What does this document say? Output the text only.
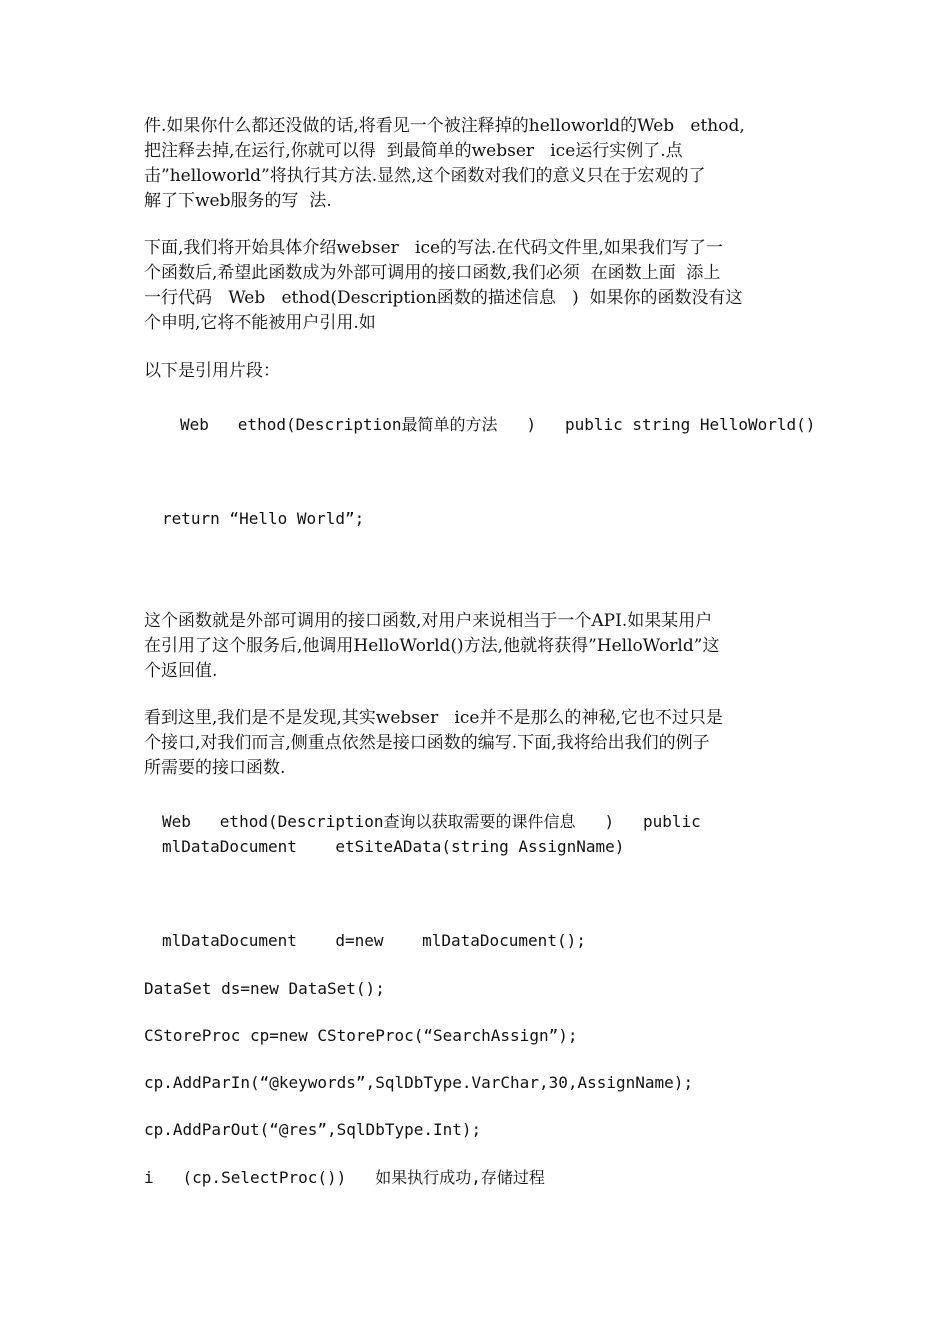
件.如果你什么都还没做的话,将看见一个被注释掉的helloworld的Web   ethod,
把注释去掉,在运行,你就可以得  到最简单的webser   ice运行实例了.点
击”helloworld”将执行其方法.显然,这个函数对我们的意义只在于宏观的了
解了下web服务的写  法.
下面,我们将开始具体介绍webser   ice的写法.在代码文件里,如果我们写了一
个函数后,希望此函数成为外部可调用的接口函数,我们必须  在函数上面  添上
一行代码   Web   ethod(Description函数的描述信息   )  如果你的函数没有这
个申明,它将不能被用户引用.如
以下是引用片段：
Web   ethod(Description最简单的方法   )   public string HelloWorld()
return “Hello World”;
这个函数就是外部可调用的接口函数,对用户来说相当于一个API.如果某用户
在引用了这个服务后,他调用HelloWorld()方法,他就将获得”HelloWorld”这
个返回值.
看到这里,我们是不是发现,其实webser   ice并不是那么的神秘,它也不过只是
个接口,对我们而言,侧重点依然是接口函数的编写.下面,我将给出我们的例子
所需要的接口函数.
Web   ethod(Description查询以获取需要的课件信息   )   public
mlDataDocument    etSiteAData(string AssignName)
mlDataDocument    d=new    mlDataDocument();
DataSet ds=new DataSet();
CStoreProc cp=new CStoreProc(“SearchAssign”);
cp.AddParIn(“@keywords”,SqlDbType.VarChar,30,AssignName);
cp.AddParOut(“@res”,SqlDbType.Int);
i   (cp.SelectProc())   如果执行成功,存储过程
